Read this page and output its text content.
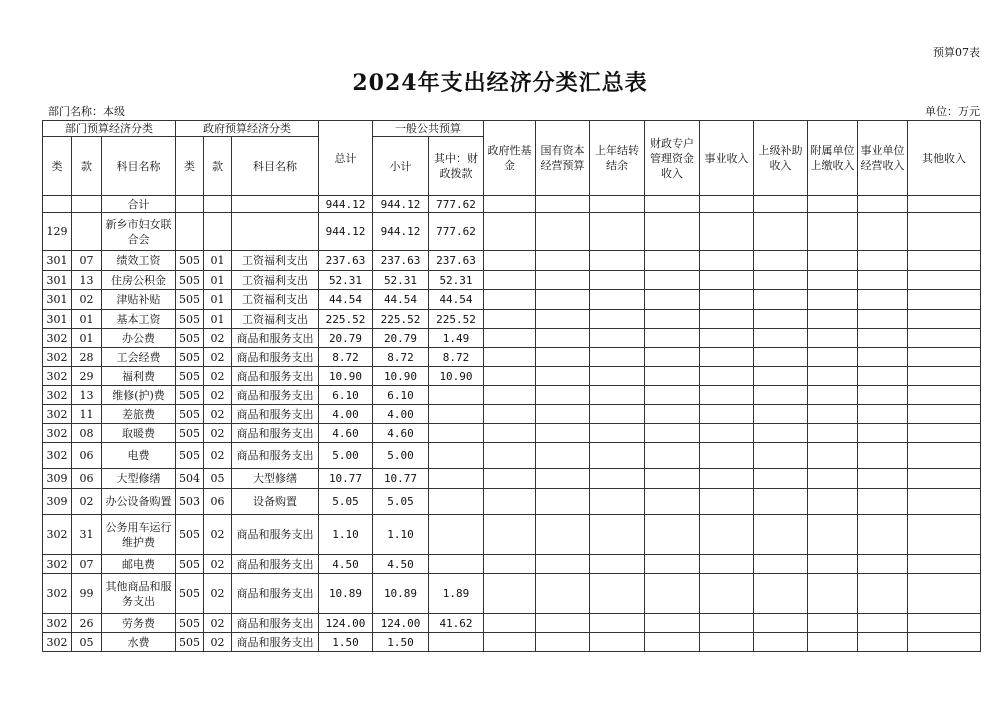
预算07表
2024年支出经济分类汇总表
部门名称：本级	单位：万元
部门预算经济分类			政府预算经济分类			总计	一般公共预算		政府性基金	国有资本经营预算	上年结转结余	财政专户管理资金收入	事业收入	上级补助收入	附属单位上缴收入	事业单位经营收入	其他收入
类	款	科目名称	类	款	科目名称		小计	其中：财政拨款									
		合计				944.12	944.12	777.62									
129		新乡市妇女联合会				944.12	944.12	777.62									
301	07	绩效工资	505	01	工资福利支出	237.63	237.63	237.63									
301	13	住房公积金	505	01	工资福利支出	52.31	52.31	52.31									
301	02	津贴补贴	505	01	工资福利支出	44.54	44.54	44.54									
301	01	基本工资	505	01	工资福利支出	225.52	225.52	225.52									
302	01	办公费	505	02	商品和服务支出	20.79	20.79	1.49									
302	28	工会经费	505	02	商品和服务支出	8.72	8.72	8.72									
302	29	福利费	505	02	商品和服务支出	10.90	10.90	10.90									
302	13	维修(护)费	505	02	商品和服务支出	6.10	6.10										
302	11	差旅费	505	02	商品和服务支出	4.00	4.00										
302	08	取暖费	505	02	商品和服务支出	4.60	4.60										
302	06	电费	505	02	商品和服务支出	5.00	5.00										
309	06	大型修缮	504	05	大型修缮	10.77	10.77										
309	02	办公设备购置	503	06	设备购置	5.05	5.05										
302	31	公务用车运行维护费	505	02	商品和服务支出	1.10	1.10										
302	07	邮电费	505	02	商品和服务支出	4.50	4.50										
302	99	其他商品和服务支出	505	02	商品和服务支出	10.89	10.89	1.89									
302	26	劳务费	505	02	商品和服务支出	124.00	124.00	41.62									
302	05	水费	505	02	商品和服务支出	1.50	1.50										
